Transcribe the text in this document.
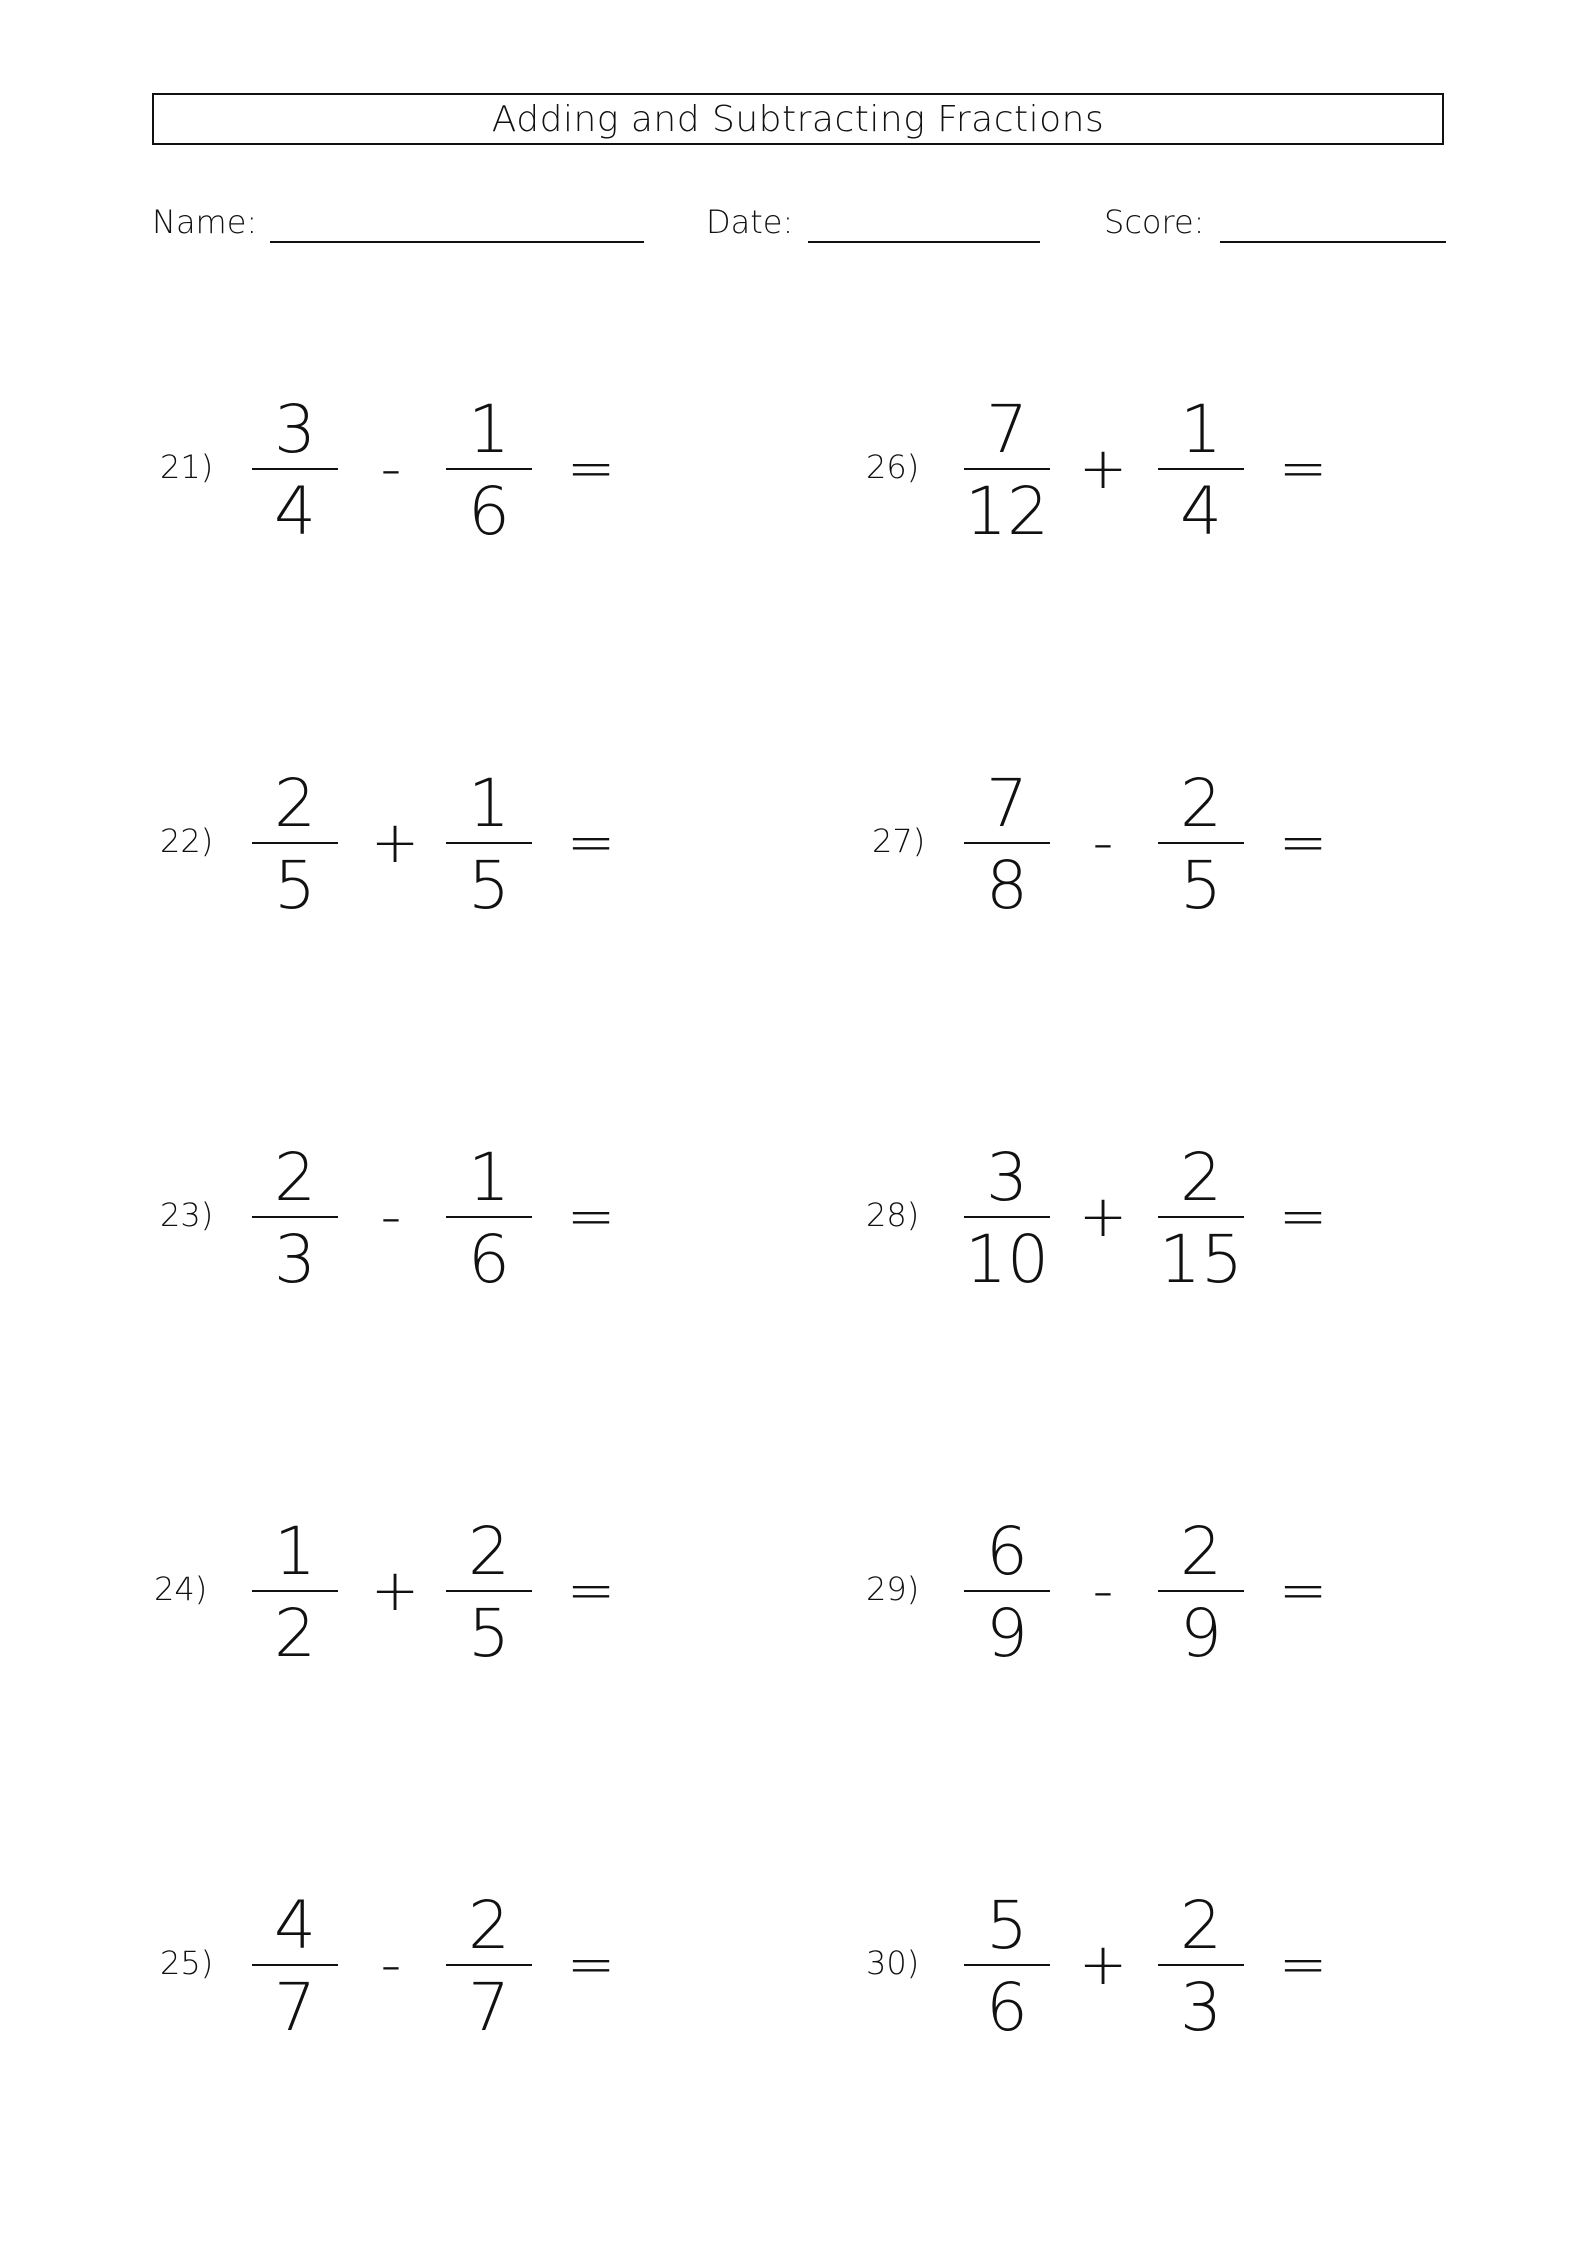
Adding and Subtracting Fractions
Name:	Date:	Score:
21) 3
4
-	1
6
=
22) 2
5
+ 1
5
=
23) 2
3
-	1
6
=
24)	1
2
+ 2
5
=
25) 4
7
-	2
7
=
26)	7
12
+ 1
4
=
27) 7
8
-	2
5
=
28)	3
10
+ 2
15
=
29)	6
9
-	2
9
=
30)	5
6
+ 2
3
=
